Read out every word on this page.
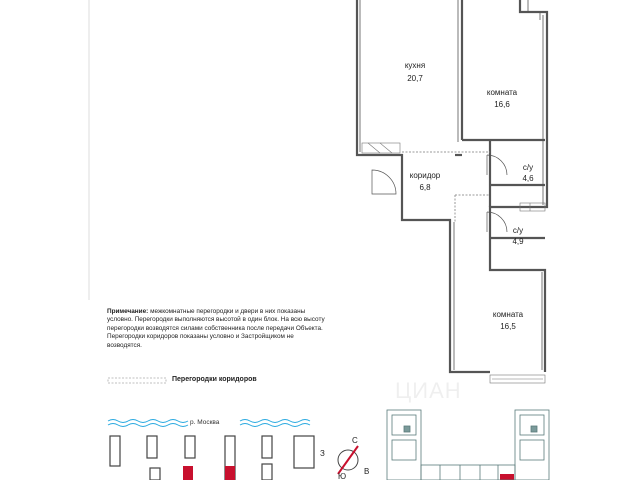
кухня
20,7
комната
16,6
коридор
6,8
с/у
4,6
с/у
4,9
комната
16,5
С
Ю
З
В
Примечание: межкомнатные перегородки и двери в них показаны условно. Перегородки выполняются высотой в один блок. На всю высоту перегородки возводятся силами собственника после передачи Объекта. Перегородки коридоров показаны условно и Застройщиком не возводятся.
Перегородки коридоров
р. Москва
ЦИАН
